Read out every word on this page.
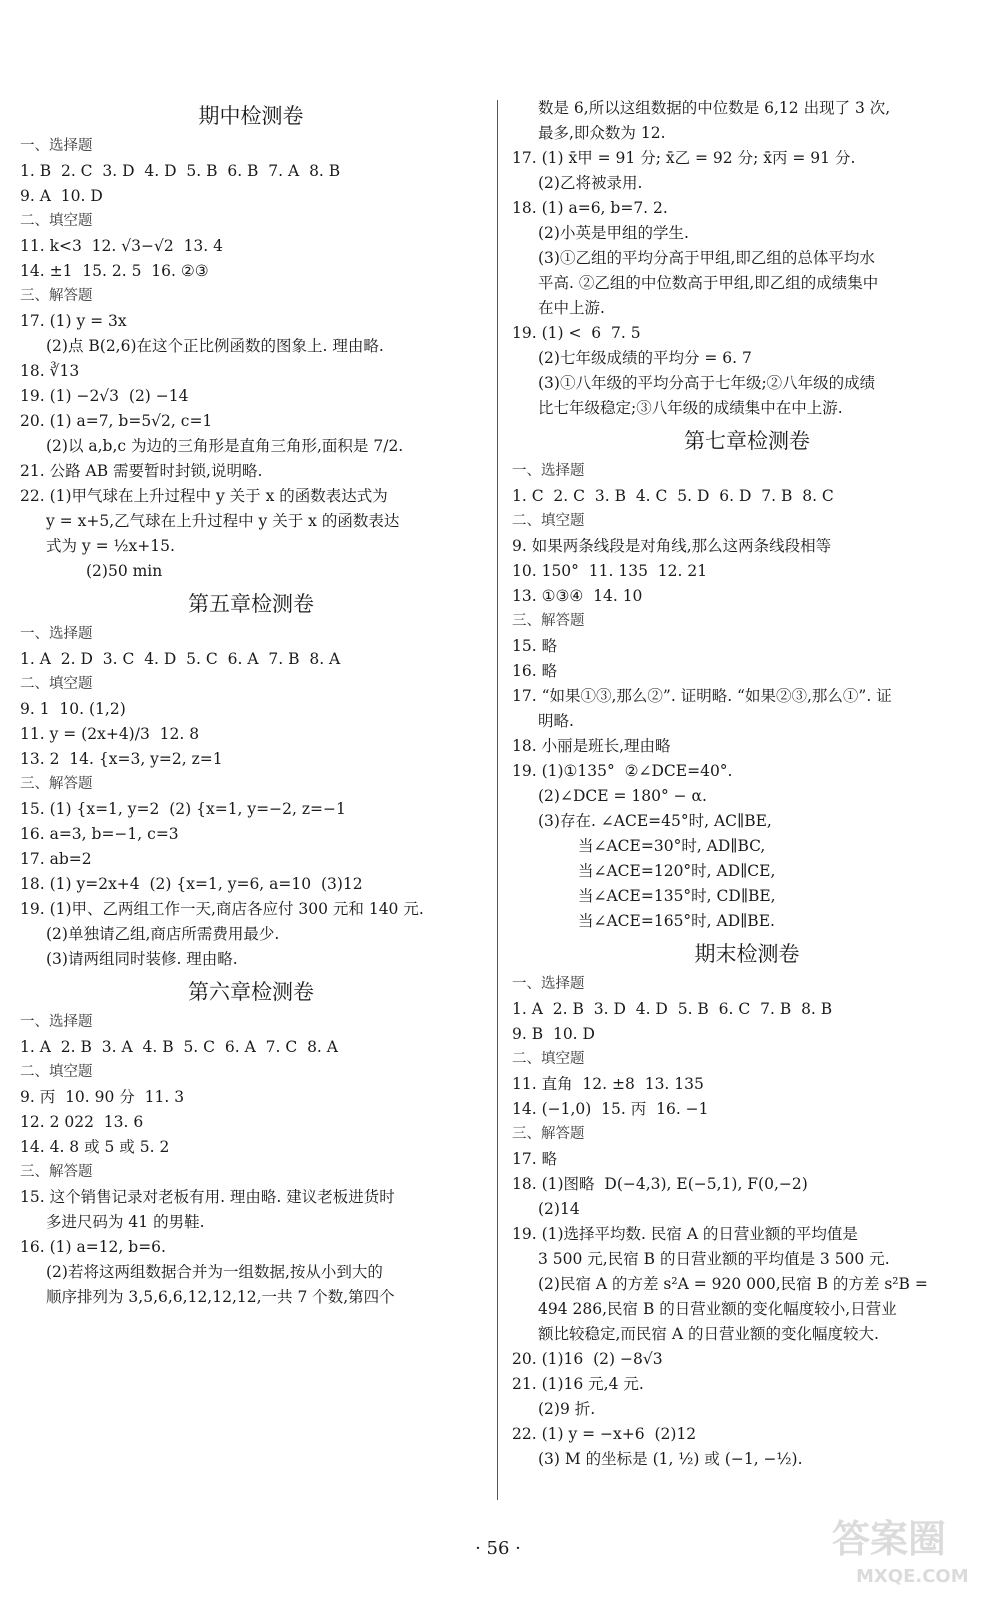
期中检测卷
一、选择题
1. B  2. C  3. D  4. D  5. B  6. B  7. A  8. B
9. A  10. D
二、填空题
11. k<3  12. √3−√2  13. 4
14. ±1  15. 2. 5  16. ②③
三、解答题
17. (1) y = 3x
(2)点 B(2,6)在这个正比例函数的图象上. 理由略.
18. ∛13
19. (1) −2√3  (2) −14
20. (1) a=7, b=5√2, c=1
(2)以 a,b,c 为边的三角形是直角三角形,面积是 7/2.
21. 公路 AB 需要暂时封锁,说明略.
22. (1)甲气球在上升过程中 y 关于 x 的函数表达式为
y = x+5,乙气球在上升过程中 y 关于 x 的函数表达
式为 y = ½x+15.
(2)50 min
第五章检测卷
一、选择题
1. A  2. D  3. C  4. D  5. C  6. A  7. B  8. A
二、填空题
9. 1  10. (1,2)
11. y = (2x+4)/3  12. 8
13. 2  14. {x=3, y=2, z=1
三、解答题
15. (1) {x=1, y=2  (2) {x=1, y=−2, z=−1
16. a=3, b=−1, c=3
17. ab=2
18. (1) y=2x+4  (2) {x=1, y=6, a=10  (3)12
19. (1)甲、乙两组工作一天,商店各应付 300 元和 140 元.
(2)单独请乙组,商店所需费用最少.
(3)请两组同时装修. 理由略.
第六章检测卷
一、选择题
1. A  2. B  3. A  4. B  5. C  6. A  7. C  8. A
二、填空题
9. 丙  10. 90 分  11. 3
12. 2 022  13. 6
14. 4. 8 或 5 或 5. 2
三、解答题
15. 这个销售记录对老板有用. 理由略. 建议老板进货时
多进尺码为 41 的男鞋.
16. (1) a=12, b=6.
(2)若将这两组数据合并为一组数据,按从小到大的
顺序排列为 3,5,6,6,12,12,12,一共 7 个数,第四个
数是 6,所以这组数据的中位数是 6,12 出现了 3 次,
最多,即众数为 12.
17. (1) x̄甲 = 91 分; x̄乙 = 92 分; x̄丙 = 91 分.
(2)乙将被录用.
18. (1) a=6, b=7. 2.
(2)小英是甲组的学生.
(3)①乙组的平均分高于甲组,即乙组的总体平均水
平高. ②乙组的中位数高于甲组,即乙组的成绩集中
在中上游.
19. (1) <  6  7. 5
(2)七年级成绩的平均分 = 6. 7
(3)①八年级的平均分高于七年级;②八年级的成绩
比七年级稳定;③八年级的成绩集中在中上游.
第七章检测卷
一、选择题
1. C  2. C  3. B  4. C  5. D  6. D  7. B  8. C
二、填空题
9. 如果两条线段是对角线,那么这两条线段相等
10. 150°  11. 135  12. 21
13. ①③④  14. 10
三、解答题
15. 略
16. 略
17. “如果①③,那么②”. 证明略. “如果②③,那么①”. 证
明略.
18. 小丽是班长,理由略
19. (1)①135°  ②∠DCE=40°.
(2)∠DCE = 180° − α.
(3)存在. ∠ACE=45°时, AC∥BE,
当∠ACE=30°时, AD∥BC,
当∠ACE=120°时, AD∥CE,
当∠ACE=135°时, CD∥BE,
当∠ACE=165°时, AD∥BE.
期末检测卷
一、选择题
1. A  2. B  3. D  4. D  5. B  6. C  7. B  8. B
9. B  10. D
二、填空题
11. 直角  12. ±8  13. 135
14. (−1,0)  15. 丙  16. −1
三、解答题
17. 略
18. (1)图略  D(−4,3), E(−5,1), F(0,−2)
(2)14
19. (1)选择平均数. 民宿 A 的日营业额的平均值是
3 500 元,民宿 B 的日营业额的平均值是 3 500 元.
(2)民宿 A 的方差 s²A = 920 000,民宿 B 的方差 s²B =
494 286,民宿 B 的日营业额的变化幅度较小,日营业
额比较稳定,而民宿 A 的日营业额的变化幅度较大.
20. (1)16  (2) −8√3
21. (1)16 元,4 元.
(2)9 折.
22. (1) y = −x+6  (2)12
(3) M 的坐标是 (1, ½) 或 (−1, −½).
· 56 ·	答案圈
MXQE.COM
